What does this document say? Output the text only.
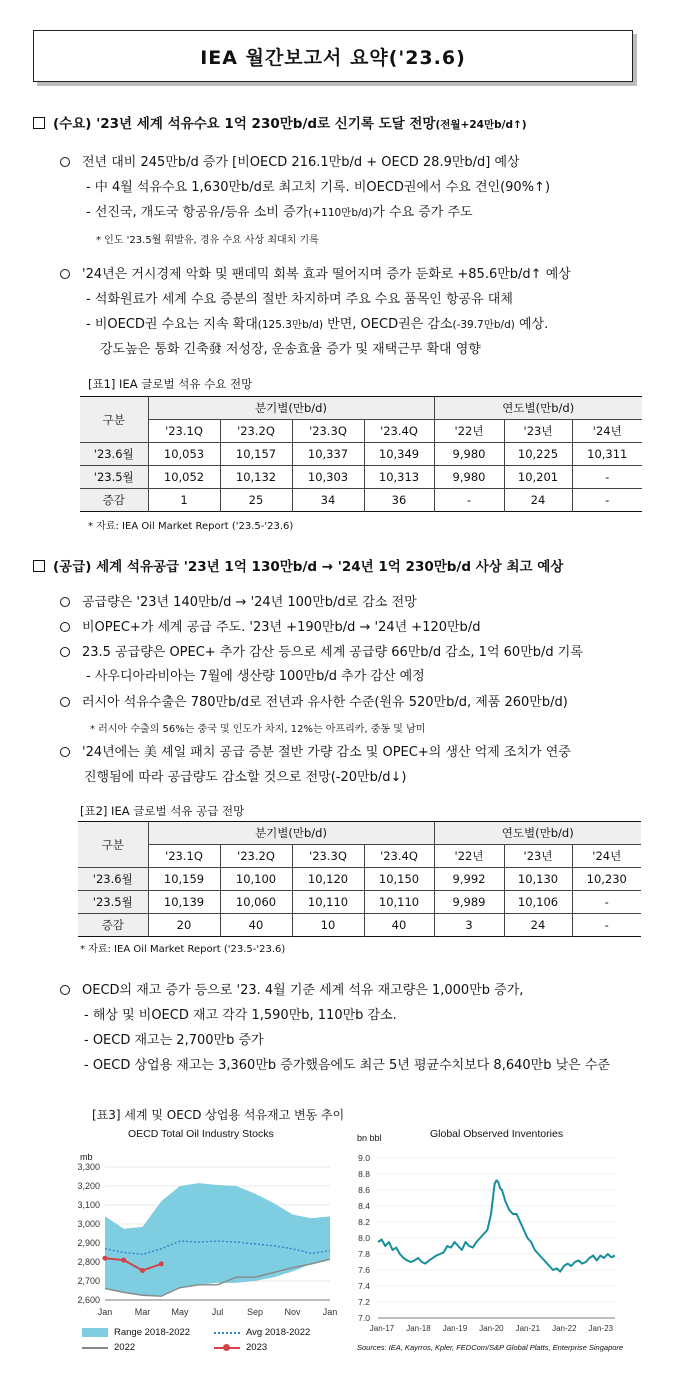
IEA 월간보고서 요약('23.6)
(수요) '23년 세계 석유수요 1억 230만b/d로 신기록 도달 전망(전월+24만b/d↑)
전년 대비 245만b/d 증가 [비OECD 216.1만b/d + OECD 28.9만b/d] 예상
- 中 4월 석유수요 1,630만b/d로 최고치 기록. 비OECD권에서 수요 견인(90%↑)
- 선진국, 개도국 항공유/등유 소비 증가(+110만b/d)가 수요 증가 주도
* 인도 '23.5월 휘발유, 경유 수요 사상 최대치 기록
'24년은 거시경제 악화 및 팬데믹 회복 효과 떨어지며 증가 둔화로 +85.6만b/d↑ 예상
- 석화원료가 세계 수요 증분의 절반 차지하며 주요 수요 품목인 항공유 대체
- 비OECD권 수요는 지속 확대(125.3만b/d) 반면, OECD권은 감소(-39.7만b/d) 예상.
강도높은 통화 긴축發 저성장, 운송효율 증가 및 재택근무 확대 영향
[표1] IEA 글로벌 석유 수요 전망
구분	분기별(만b/d)				연도별(만b/d)		
	'23.1Q	'23.2Q	'23.3Q	'23.4Q	'22년	'23년	'24년
'23.6월	10,053	10,157	10,337	10,349	9,980	10,225	10,311
'23.5월	10,052	10,132	10,303	10,313	9,980	10,201	-
증감	1	25	34	36	-	24	-
* 자료: IEA Oil Market Report ('23.5-'23.6)
(공급) 세계 석유공급 '23년 1억 130만b/d → '24년 1억 230만b/d 사상 최고 예상
공급량은 '23년 140만b/d → '24년 100만b/d로 감소 전망
비OPEC+가 세계 공급 주도. '23년 +190만b/d → '24년 +120만b/d
23.5 공급량은 OPEC+ 추가 감산 등으로 세계 공급량 66만b/d 감소, 1억 60만b/d 기록
- 사우디아라비아는 7월에 생산량 100만b/d 추가 감산 예정
러시아 석유수출은 780만b/d로 전년과 유사한 수준(원유 520만b/d, 제품 260만b/d)
* 러시아 수출의 56%는 중국 및 인도가 차지, 12%는 아프리카, 중동 및 남미
'24년에는 美 셰일 패치 공급 증분 절반 가량 감소 및 OPEC+의 생산 억제 조치가 연중
진행됨에 따라 공급량도 감소할 것으로 전망(-20만b/d↓)
[표2] IEA 글로벌 석유 공급 전망
구분	분기별(만b/d)				연도별(만b/d)		
	'23.1Q	'23.2Q	'23.3Q	'23.4Q	'22년	'23년	'24년
'23.6월	10,159	10,100	10,120	10,150	9,992	10,130	10,230
'23.5월	10,139	10,060	10,110	10,110	9,989	10,106	-
증감	20	40	10	40	3	24	-
* 자료: IEA Oil Market Report ('23.5-'23.6)
OECD의 재고 증가 등으로 '23. 4월 기준 세계 석유 재고량은 1,000만b 증가,
- 해상 및 비OECD 재고 각각 1,590만b, 110만b 감소.
- OECD 재고는 2,700만b 증가
- OECD 상업용 재고는 3,360만b 증가했음에도 최근 5년 평균수치보다 8,640만b 낮은 수준
[표3] 세계 및 OECD 상업용 석유재고 변동 추이
OECD Total Oil Industry Stocks
mb
2,600
2,700
2,800
2,900
3,000
3,100
3,200
3,300
Jan Mar May	Jul	Sep Nov Jan
Range 2018-2022	Avg 2018-2022
2022	2023
bn bbl	Global Observed Inventories
7.0
7.2
7.4
7.6
7.8
8.0
8.2
8.4
8.6
8.8
9.0
Jan-17 Jan-18 Jan-19 Jan-20 Jan-21 Jan-22 Jan-23
Sources: IEA, Kayrros, Kpler, FEDCom/S&P Global Platts, Enterprise Singapore
